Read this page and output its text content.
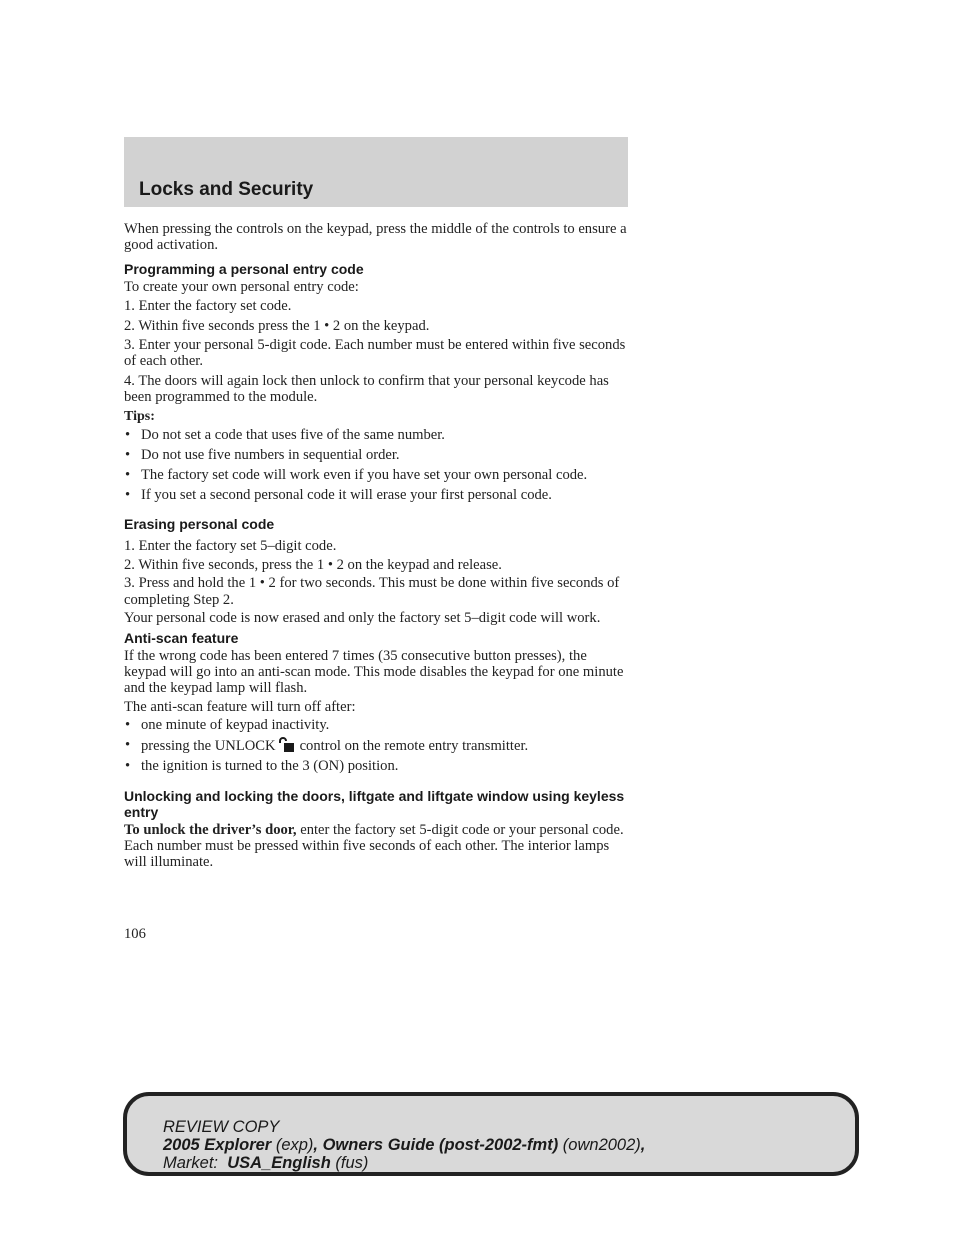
Locks and Security

When pressing the controls on the keypad, press the middle of the controls to ensure a good activation.

Programming a personal entry code

To create your own personal entry code:

1. Enter the factory set code.

2. Within five seconds press the 1 • 2 on the keypad.

3. Enter your personal 5-digit code. Each number must be entered within five seconds of each other.

4. The doors will again lock then unlock to confirm that your personal keycode has been programmed to the module.

Tips:

• Do not set a code that uses five of the same number.
• Do not use five numbers in sequential order.
• The factory set code will work even if you have set your own personal code.
• If you set a second personal code it will erase your first personal code.

Erasing personal code

1. Enter the factory set 5–digit code.

2. Within five seconds, press the 1 • 2 on the keypad and release.

3. Press and hold the 1 • 2 for two seconds. This must be done within five seconds of completing Step 2.

Your personal code is now erased and only the factory set 5–digit code will work.

Anti-scan feature

If the wrong code has been entered 7 times (35 consecutive button presses), the keypad will go into an anti-scan mode. This mode disables the keypad for one minute and the keypad lamp will flash.

The anti-scan feature will turn off after:

• one minute of keypad inactivity.
• pressing the UNLOCK control on the remote entry transmitter.
• the ignition is turned to the 3 (ON) position.

Unlocking and locking the doors, liftgate and liftgate window using keyless entry

To unlock the driver’s door, enter the factory set 5-digit code or your personal code. Each number must be pressed within five seconds of each other. The interior lamps will illuminate.

106
REVIEW COPY
2005 Explorer (exp), Owners Guide (post-2002-fmt) (own2002),
Market:  USA_English (fus)
